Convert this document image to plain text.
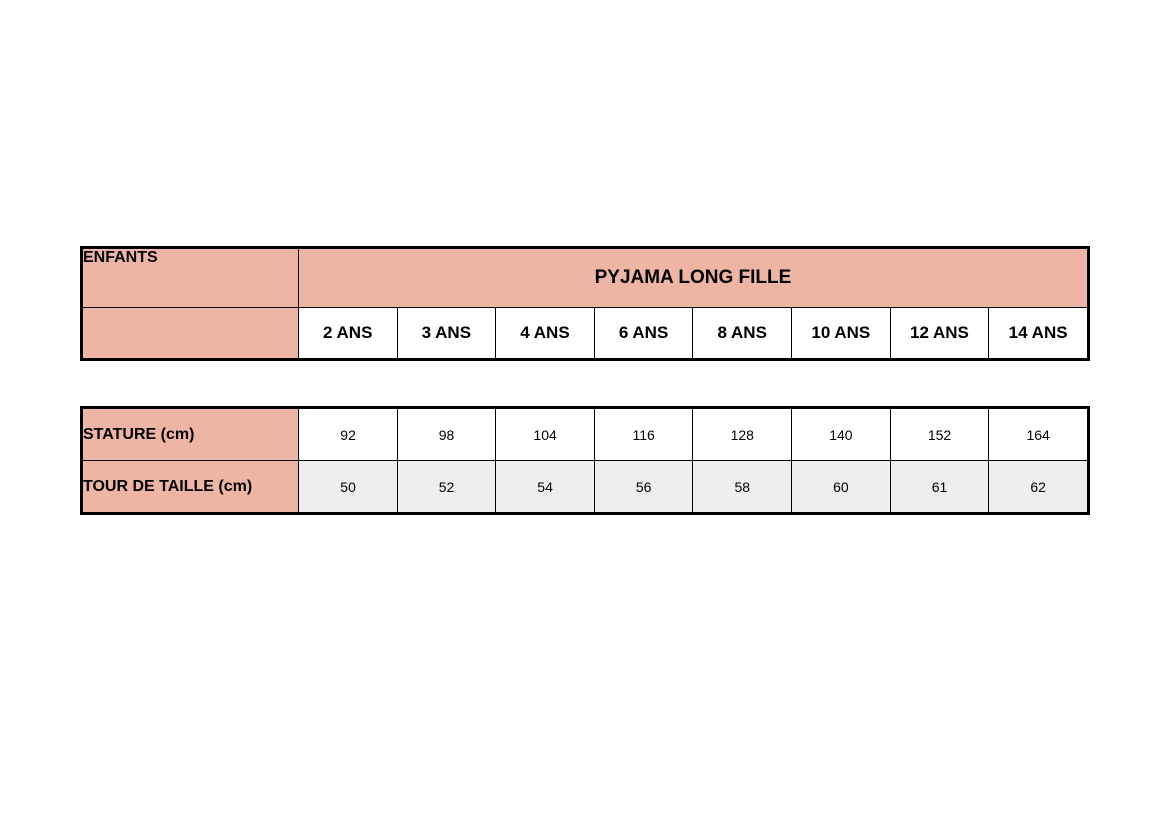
ENFANTS	PYJAMA LONG FILLE							
	2 ANS	3 ANS	4 ANS	6 ANS	8 ANS	10 ANS	12 ANS	14 ANS
STATURE (cm)	92	98	104	116	128	140	152	164
TOUR DE TAILLE (cm)	50	52	54	56	58	60	61	62
